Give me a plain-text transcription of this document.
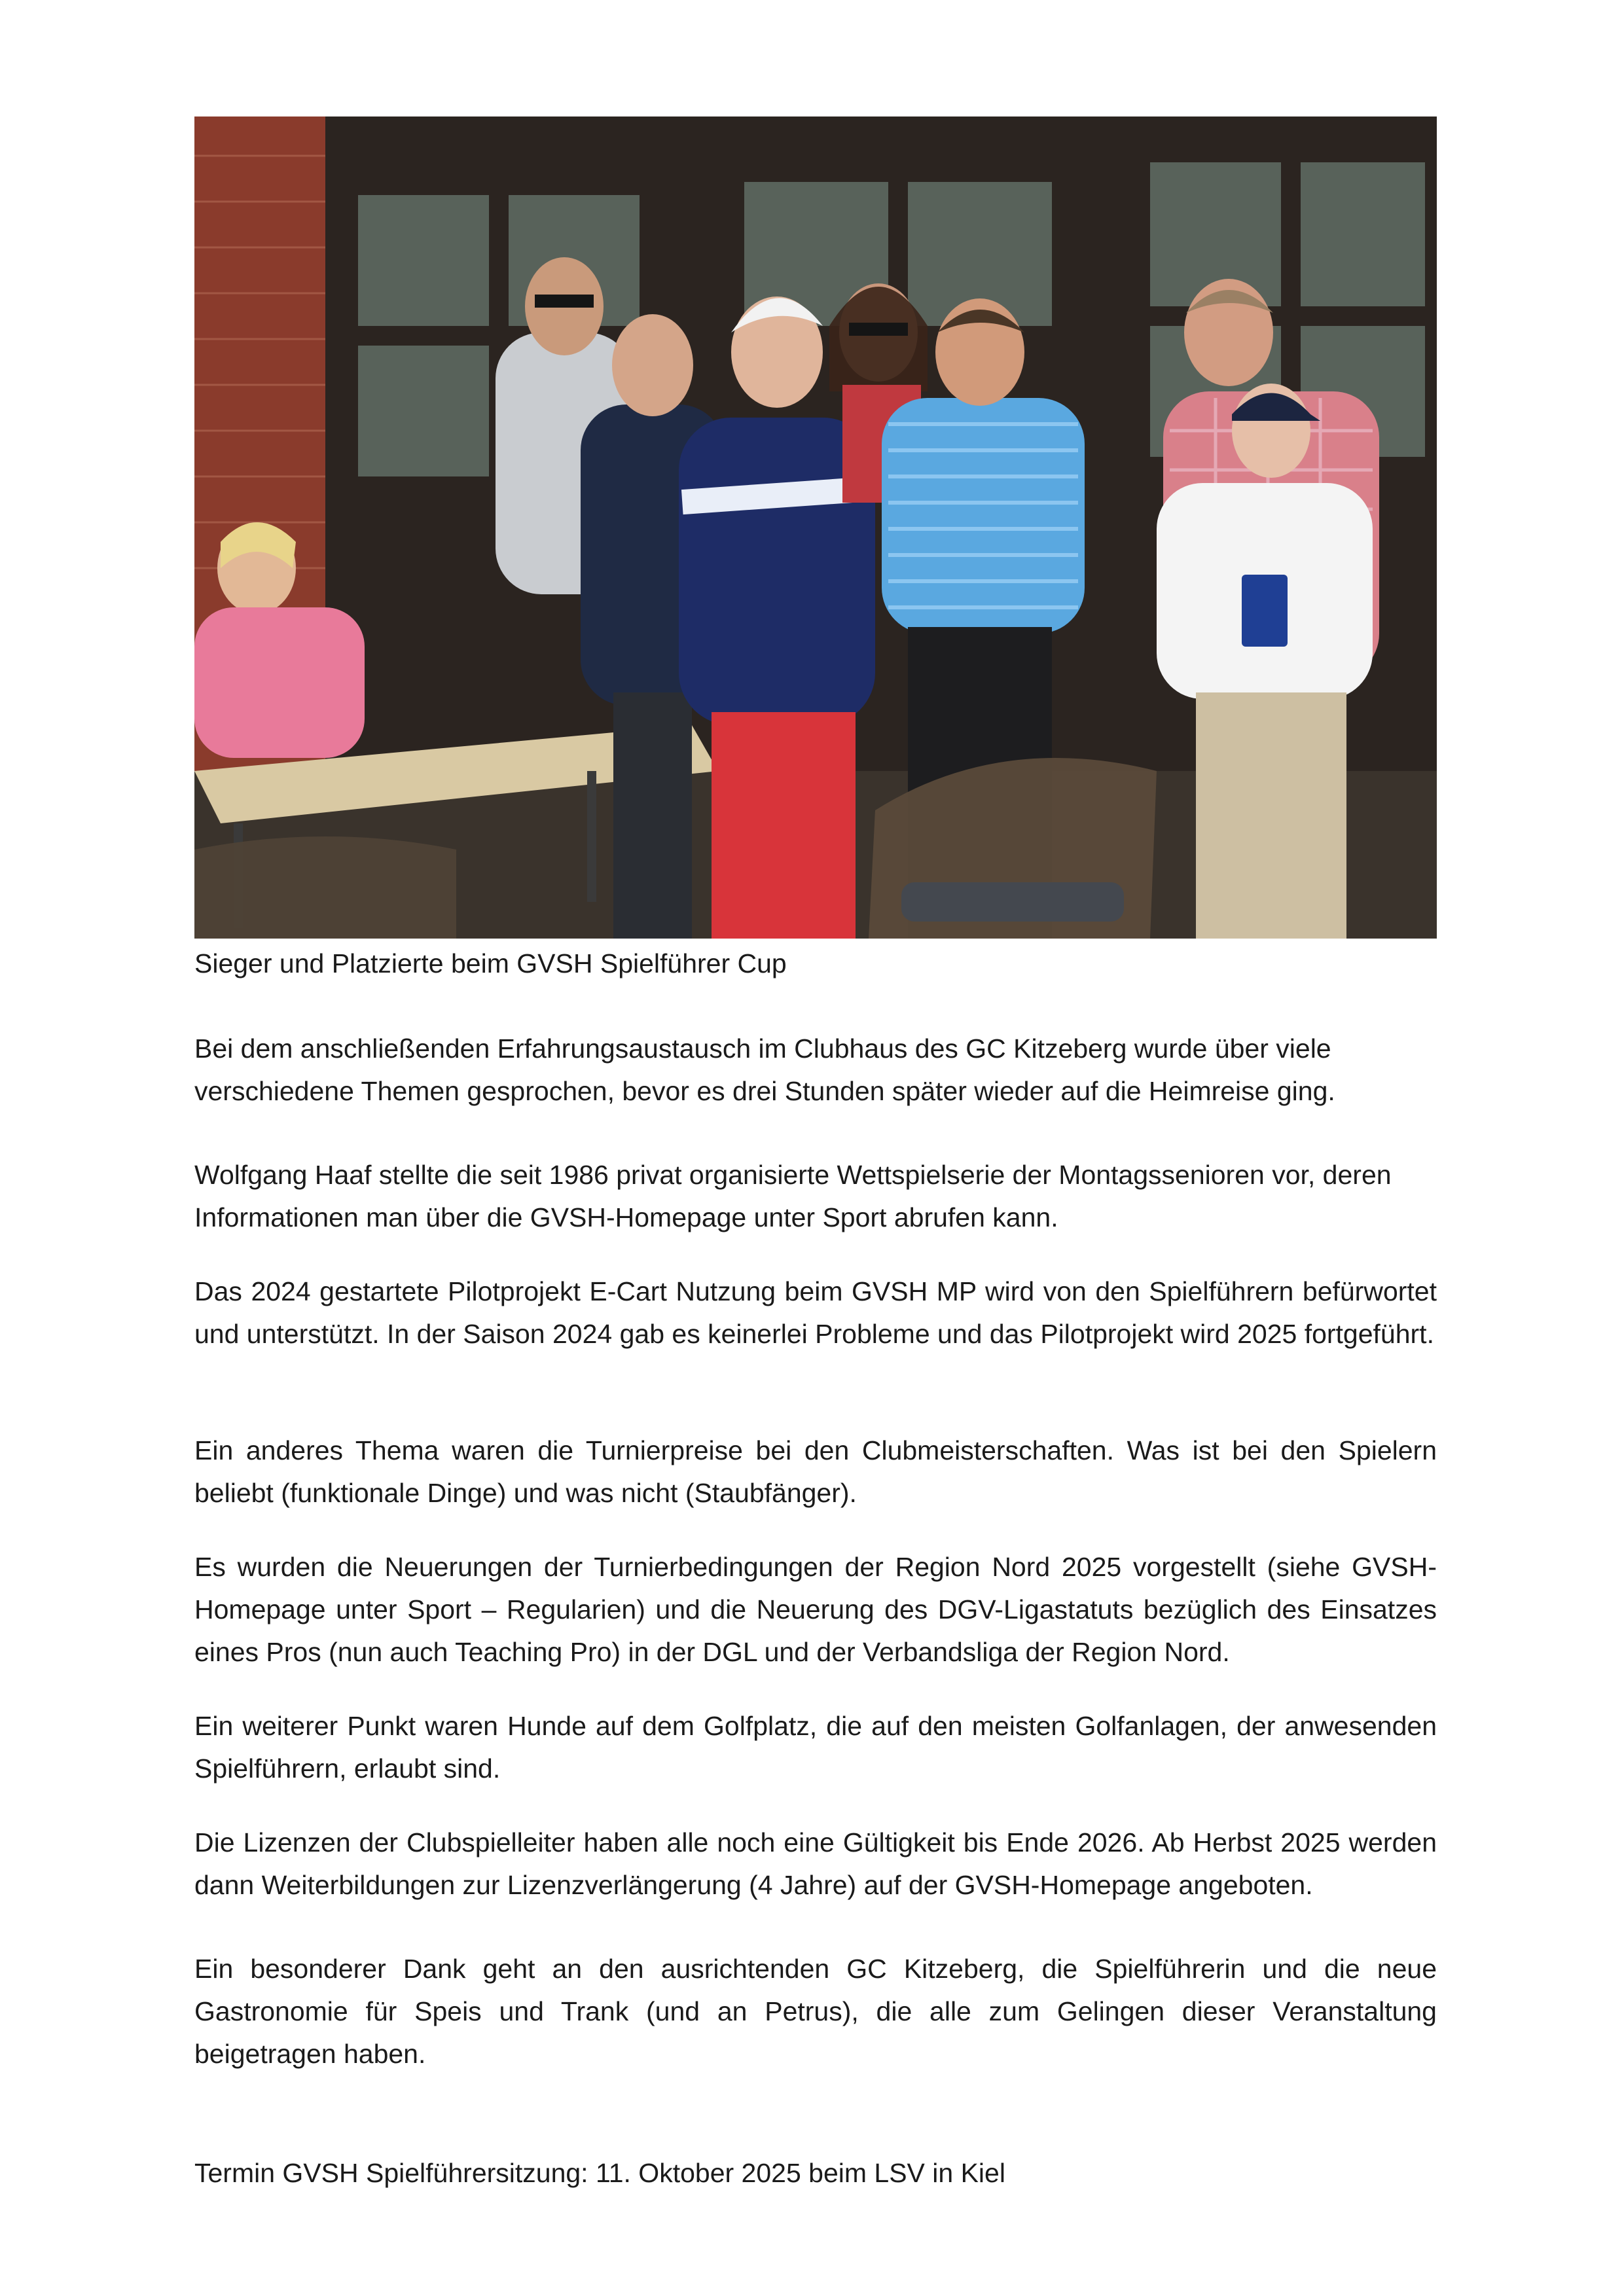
Sieger und Platzierte beim GVSH Spielführer Cup

Bei dem anschließenden Erfahrungsaustausch im Clubhaus des GC Kitzeberg wurde über viele verschiedene Themen gesprochen, bevor es drei Stunden später wieder auf die Heimreise ging.

Wolfgang Haaf stellte die seit 1986 privat organisierte Wettspielserie der Montagssenioren vor, deren Informationen man über die GVSH-Homepage unter Sport abrufen kann.

Das 2024 gestartete Pilotprojekt E-Cart Nutzung beim GVSH MP wird von den Spielführern befürwortet und unterstützt. In der Saison 2024 gab es keinerlei Probleme und das Pilotprojekt wird 2025 fortgeführt.

Ein anderes Thema waren die Turnierpreise bei den Clubmeisterschaften. Was ist bei den Spielern beliebt (funktionale Dinge) und was nicht (Staubfänger).

Es wurden die Neuerungen der Turnierbedingungen der Region Nord 2025 vorgestellt (siehe GVSH-Homepage unter Sport – Regularien) und die Neuerung des DGV-Ligastatuts bezüglich des Einsatzes eines Pros (nun auch Teaching Pro) in der DGL und der Verbandsliga der Region Nord.

Ein weiterer Punkt waren Hunde auf dem Golfplatz, die auf den meisten Golfanlagen, der anwesenden Spielführern, erlaubt sind.

Die Lizenzen der Clubspielleiter haben alle noch eine Gültigkeit bis Ende 2026. Ab Herbst 2025 werden dann Weiterbildungen zur Lizenzverlängerung (4 Jahre) auf der GVSH-Homepage angeboten.

Ein besonderer Dank geht an den ausrichtenden GC Kitzeberg, die Spielführerin und die neue Gastronomie für Speis und Trank (und an Petrus), die alle zum Gelingen dieser Veranstaltung beigetragen haben.

Termin GVSH Spielführersitzung: 11. Oktober 2025 beim LSV in Kiel
